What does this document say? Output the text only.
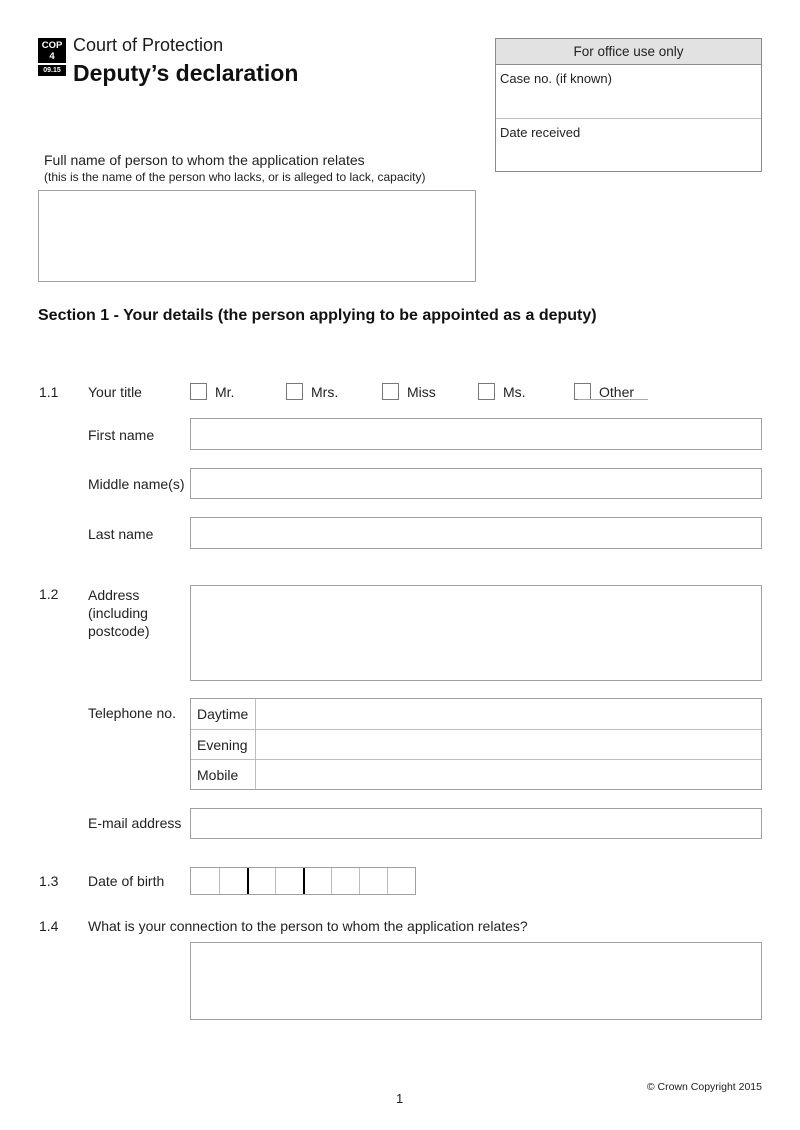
COP
4
09.15
Court of Protection
Deputy’s declaration
For office use only
Case no. (if known)
Date received
Full name of person to whom the application relates
(this is the name of the person who lacks, or is alleged to lack, capacity)
Section 1 - Your details (the person applying to be appointed as a deputy)
1.1 Your title	Mr.	Mrs.	Miss	Ms.	Other
First name
Middle name(s)
Last name
1.2 Address
(including
postcode)
Telephone no.	Daytime
Evening
Mobile
E-mail address
1.3 Date of birth
1.4 What is your connection to the person to whom the application relates?
© Crown Copyright 2015
1
